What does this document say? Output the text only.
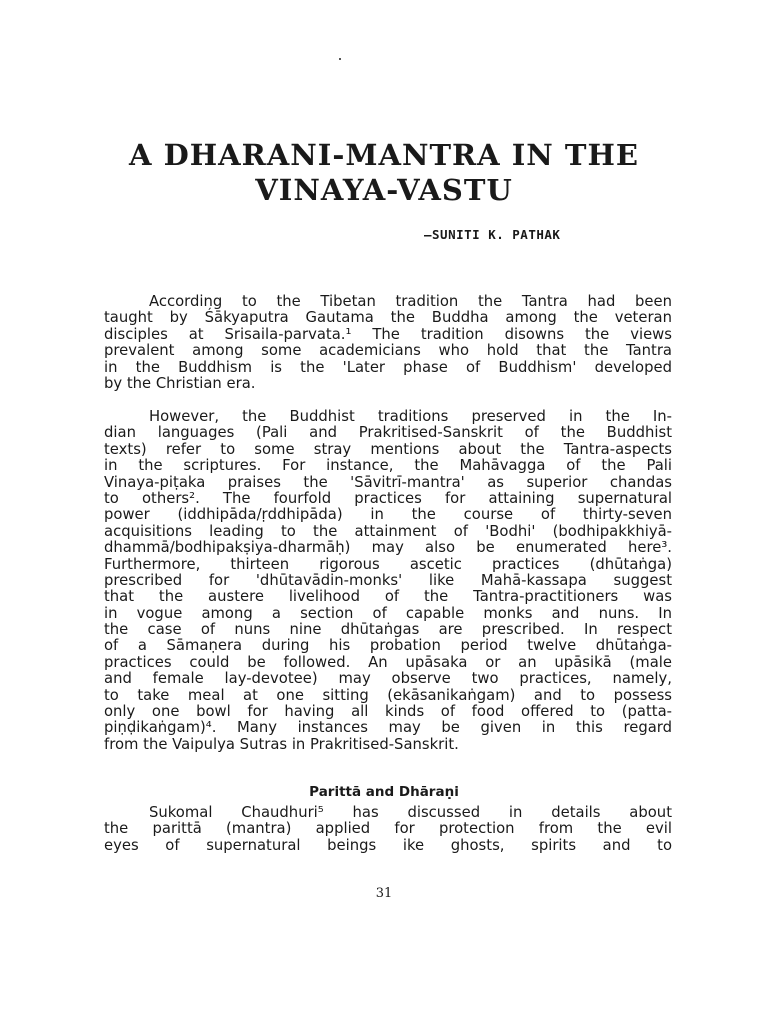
A DHARANI-MANTRA IN THE
VINAYA-VASTU
—SUNITI K. PATHAK
According to the Tibetan tradition the Tantra had been
taught by Śākyaputra Gautama the Buddha among the veteran
disciples at Srisaila-parvata.¹ The tradition disowns the views
prevalent among some academicians who hold that the Tantra
in the Buddhism is the 'Later phase of Buddhism' developed
by the Christian era.
However, the Buddhist traditions preserved in the In-
dian languages (Pali and Prakritised-Sanskrit of the Buddhist
texts) refer to some stray mentions about the Tantra-aspects
in the scriptures. For instance, the Mahāvagga of the Pali
Vinaya-piṭaka praises the 'Sāvitrī-mantra' as superior chandas
to others². The fourfold practices for attaining supernatural
power (iddhipāda/ṛddhipāda) in the course of thirty-seven
acquisitions leading to the attainment of 'Bodhi' (bodhipakkhiyā-
dhammā/bodhipakṣiya-dharmāḥ) may also be enumerated here³.
Furthermore, thirteen rigorous ascetic practices (dhūtaṅga)
prescribed for 'dhūtavādin-monks' like Mahā-kassapa suggest
that the austere livelihood of the Tantra-practitioners was
in vogue among a section of capable monks and nuns. In
the case of nuns nine dhūtaṅgas are prescribed. In respect
of a Sāmaṇera during his probation period twelve dhūtaṅga-
practices could be followed. An upāsaka or an upāsikā (male
and female lay-devotee) may observe two practices, namely,
to take meal at one sitting (ekāsanikaṅgam) and to possess
only one bowl for having all kinds of food offered to (patta-
piṇḍikaṅgam)⁴. Many instances may be given in this regard
from the Vaipulya Sutras in Prakritised-Sanskrit.
Parittā and Dhāraṇi
Sukomal Chaudhuri⁵ has discussed in details about
the parittā (mantra) applied for protection from the evil
eyes of supernatural beings ike ghosts, spirits and to
31
